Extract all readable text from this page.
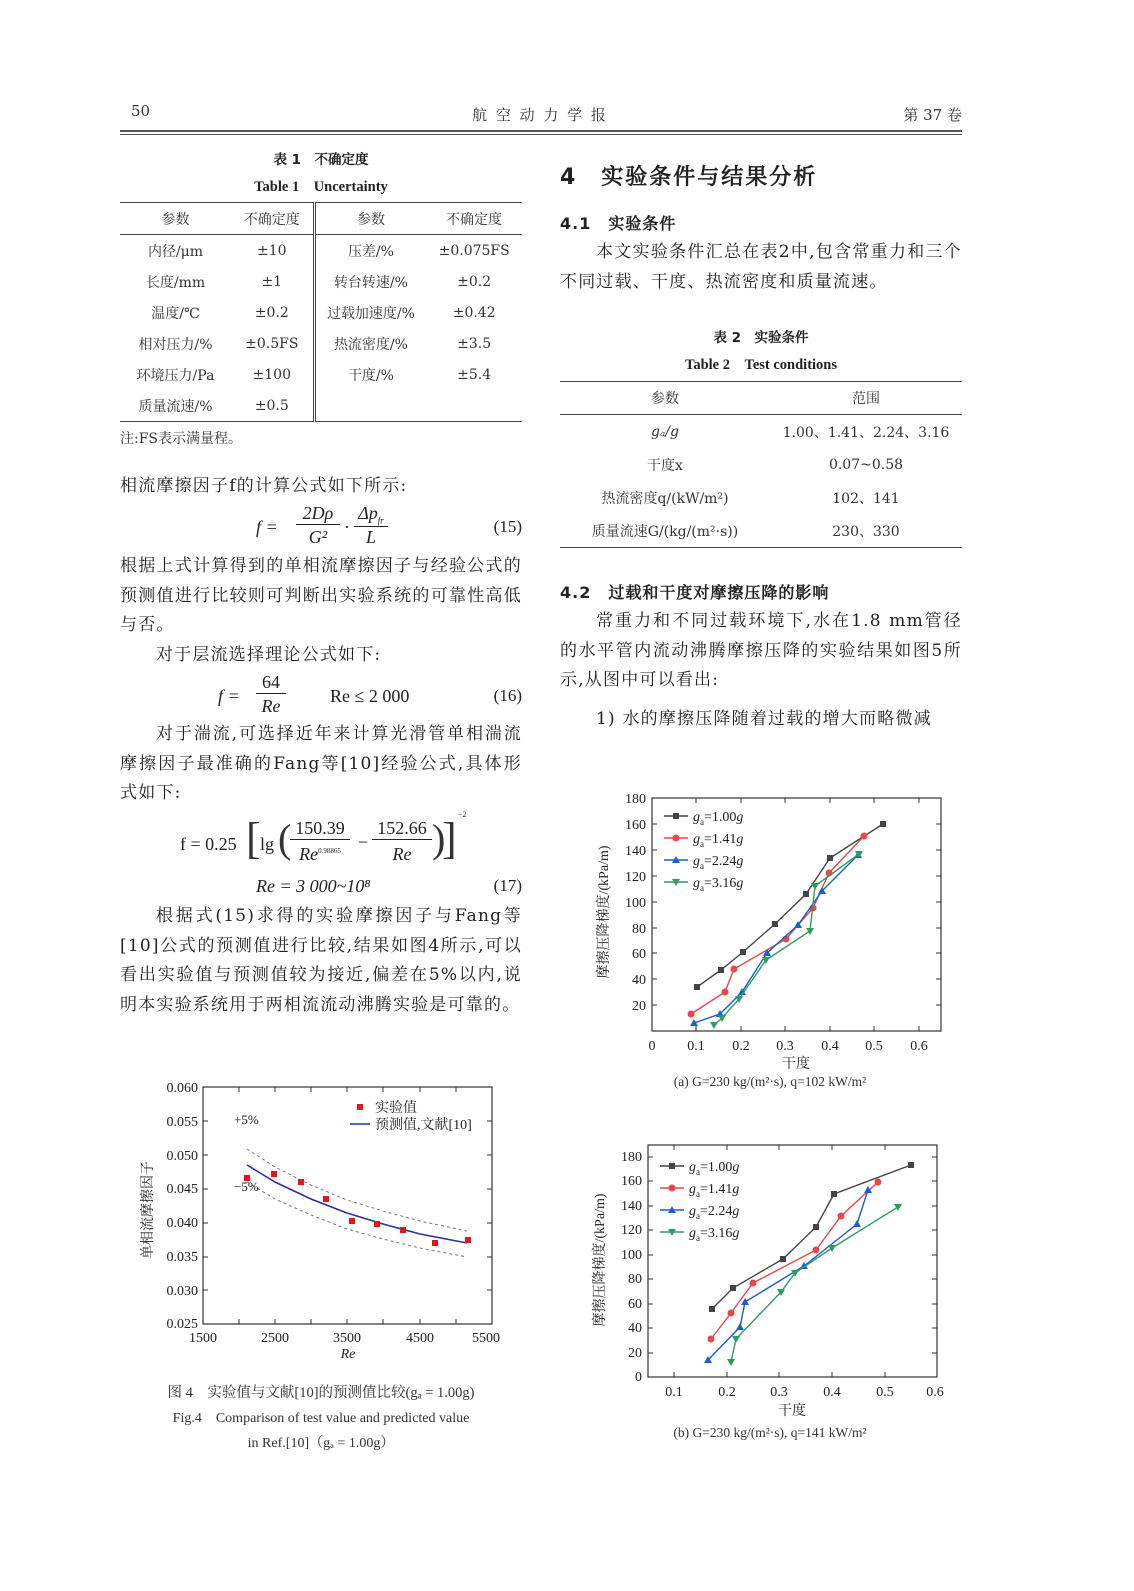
50	航 空 动 力 学 报	第 37 卷
表 1　不确定度
Table 1　Uncertainty
参数	不确定度	参数	不确定度
内径/μm	±10	压差/%	±0.075FS
长度/mm	±1	转台转速/%	±0.2
温度/℃	±0.2	过载加速度/%	±0.42
相对压力/%	±0.5FS	热流密度/%	±3.5
环境压力/Pa	±100	干度/%	±5.4
质量流速/%	±0.5		
注:FS表示满量程。
相流摩擦因子f的计算公式如下所示:
f =
2Dρ
G² ·
$\Delta p_{fr}$
L
(15)
根据上式计算得到的单相流摩擦因子与经验公式的预测值进行比较则可判断出实验系统的可靠性高低与否。
对于层流选择理论公式如下:
f =
64
Re	Re ≤ 2 000	(16)
对于湍流,可选择近年来计算光滑管单相湍流摩擦因子最准确的Fang等[10]经验公式,具体形式如下:
f = 0.25 [ lg ( 150.39
$Re^{0.98865}$ −
152.66
Re )
] −2
Re = 3 000~10⁸	(17)
根据式(15)求得的实验摩擦因子与Fang等[10]公式的预测值进行比较,结果如图4所示,可以看出实验值与预测值较为接近,偏差在5%以内,说明本实验系统用于两相流流动沸腾实验是可靠的。
0.060
0.055
0.050
0.045
0.040
0.035
0.030
0.025
1500	2500	3500	4500	5500
Re
单相流摩擦因子
+5%
−5%
实验值
预测值,文献[10]
图 4　实验值与文献[10]的预测值比较(gₐ = 1.00g)
Fig.4　Comparison of test value and predicted value
in Ref.[10]（gₐ = 1.00g）
4　实验条件与结果分析
4.1　实验条件
本文实验条件汇总在表2中,包含常重力和三个不同过载、干度、热流密度和质量流速。
表 2　实验条件
Table 2　Test conditions
参数	范围
gₐ/g	1.00、1.41、2.24、3.16
干度x	0.07~0.58
热流密度q/(kW/m²)	102、141
质量流速G/(kg/(m²·s))	230、330
4.2　过载和干度对摩擦压降的影响
常重力和不同过载环境下,水在1.8 mm管径的水平管内流动沸腾摩擦压降的实验结果如图5所示,从图中可以看出:
1) 水的摩擦压降随着过载的增大而略微减
180
160
140
120
100
80
60
40
20
0 0.1 0.2 0.3 0.4 0.5 0.6
干度
摩擦压降梯度/(kPa/m)
$g_a=1.00g$
$g_a=1.41g$
$g_a=2.24g$
$g_a=3.16g$
(a) G=230 kg/(m²·s), q=102 kW/m²
180
160
140
120
100
80
60
40
20
0
0.1	0.2 0.3	0.4	0.5 0.6
干度
摩擦压降梯度/(kPa/m)
$g_a=1.00g$
$g_a=1.41g$
$g_a=2.24g$
$g_a=3.16g$
(b) G=230 kg/(m²·s), q=141 kW/m²
